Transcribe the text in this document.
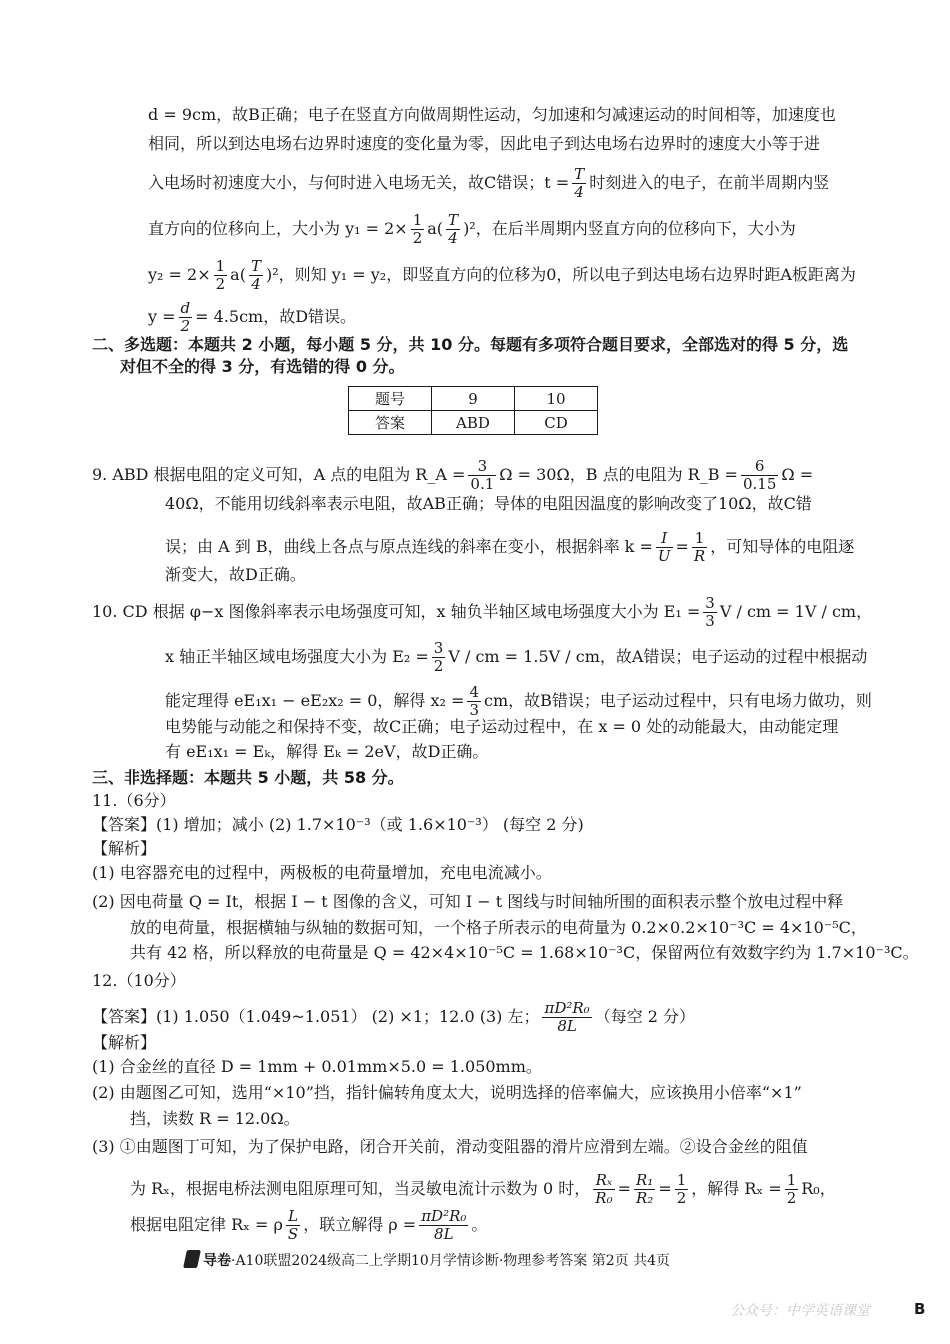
d = 9cm，故B正确；电子在竖直方向做周期性运动，匀加速和匀减速运动的时间相等，加速度也
相同，所以到达电场右边界时速度的变化量为零，因此电子到达电场右边界时的速度大小等于进
入电场时初速度大小，与何时进入电场无关，故C错误；$t = \frac{T}{4}$ 时刻进入的电子，在前半周期内竖
直方向的位移向上，大小为 $y_1 = 2\times \frac{1}{2} a( \frac{T}{4} )^2$，在后半周期内竖直方向的位移向下，大小为
$y_2 = 2\times \frac{1}{2} a( \frac{T}{4} )^2$，则知 y₁ = y₂，即竖直方向的位移为0，所以电子到达电场右边界时距A板距离为
$y = \frac{d}{2} = 4.5cm$，故D错误。
二、多选题：本题共 2 小题，每小题 5 分，共 10 分。每题有多项符合题目要求，全部选对的得 5 分，选
对但不全的得 3 分，有选错的得 0 分。
题号	9	10
答案	ABD	CD
9. ABD 根据电阻的定义可知，A 点的电阻为 R_A = $\frac{3}{0.1}$ Ω = 30Ω，B 点的电阻为 R_B = $\frac{6}{0.15}$ Ω =
40Ω，不能用切线斜率表示电阻，故AB正确；导体的电阻因温度的影响改变了10Ω，故C错
误；由 A 到 B，曲线上各点与原点连线的斜率在变小，根据斜率 $k = \frac{I}{U} = \frac{1}{R}$ ，可知导体的电阻逐
渐变大，故D正确。
10. CD 根据 φ−x 图像斜率表示电场强度可知，x 轴负半轴区域电场强度大小为 $E_1 = \frac{3}{3}$ V / cm = 1V / cm，
x 轴正半轴区域电场强度大小为 $E_2 = \frac{3}{2}$ V / cm = 1.5V / cm，故A错误；电子运动的过程中根据动
能定理得 eE₁x₁ − eE₂x₂ = 0，解得 $x_2 = \frac{4}{3}$ cm，故B错误；电子运动过程中，只有电场力做功，则
电势能与动能之和保持不变，故C正确；电子运动过程中，在 x = 0 处的动能最大，由动能定理
有 eE₁x₁ = Eₖ，解得 Eₖ = 2eV，故D正确。
三、非选择题：本题共 5 小题，共 58 分。
11.（6分）
【答案】(1) 增加；减小 (2) 1.7×10⁻³（或 1.6×10⁻³） (每空 2 分)
【解析】
(1) 电容器充电的过程中，两极板的电荷量增加，充电电流减小。
(2) 因电荷量 Q = It，根据 I − t 图像的含义，可知 I − t 图线与时间轴所围的面积表示整个放电过程中释
放的电荷量，根据横轴与纵轴的数据可知，一个格子所表示的电荷量为 0.2×0.2×10⁻³C = 4×10⁻⁵C，
共有 42 格，所以释放的电荷量是 Q = 42×4×10⁻⁵C = 1.68×10⁻³C，保留两位有效数字约为 1.7×10⁻³C。
12.（10分）
【答案】(1) 1.050（1.049~1.051） (2) ×1；12.0 (3) 左； $\frac{\text{πD²R₀}}{8L}$ （每空 2 分）
【解析】
(1) 合金丝的直径 D = 1mm + 0.01mm×5.0 = 1.050mm。
(2) 由题图乙可知，选用“×10”挡，指针偏转角度太大，说明选择的倍率偏大，应该换用小倍率“×1”
挡，读数 R = 12.0Ω。
(3) ①由题图丁可知，为了保护电路，闭合开关前，滑动变阻器的滑片应滑到左端。②设合金丝的阻值
为 Rₓ，根据电桥法测电阻原理可知，当灵敏电流计示数为 0 时， $\frac{\text{Rₓ}}{\text{R₀}} = \frac{\text{R₁}}{\text{R₂}} = \frac{1}{2}$ ，解得 $R_x = \frac{1}{2} R_0$，
根据电阻定律 Rₓ = ρ $\frac{L}{S}$ ，联立解得 $\rho = \frac{\text{πD²R₀}}{8L}$ 。
导卷·A10联盟2024级高二上学期10月学情诊断·物理参考答案 第2页 共4页
公众号：中学英语课堂	B
